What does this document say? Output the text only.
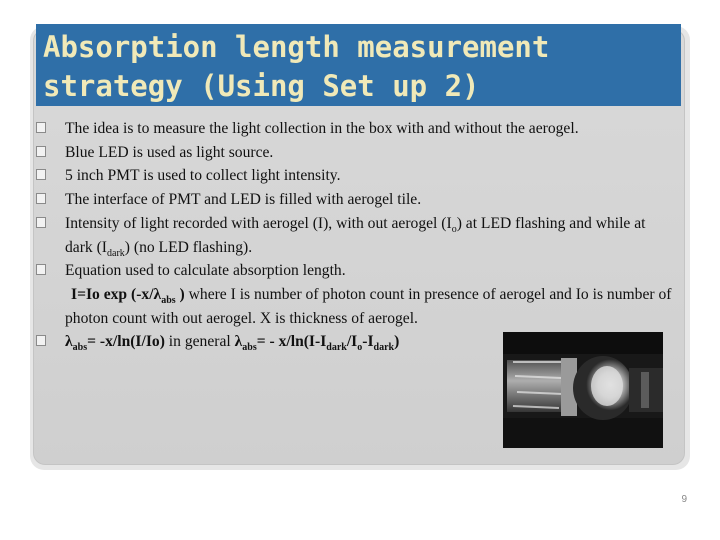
Absorption length measurement
strategy (Using Set up 2)
The idea is to measure the light collection in the box with and without the aerogel.
Blue LED is used as light source.
5 inch PMT is used to collect light intensity.
The interface of PMT and LED is filled with aerogel tile.
Intensity of light recorded with aerogel (I), with out aerogel $(I_o)$ at LED flashing and while at dark $(I_{dark})$ (no LED flashing).
Equation used to calculate absorption length.
I=Io $\exp (-x/\lambda_{abs}$ ) where I is number of photon count in presence of aerogel and Io is number of photon count with out aerogel. X is thickness of aerogel.
$\lambda_{abs}= -x/\ln(I/Io)$ in general $\lambda_{abs}= - x/\ln(I-I_{dark}/I_o-I_{dark})$
9
